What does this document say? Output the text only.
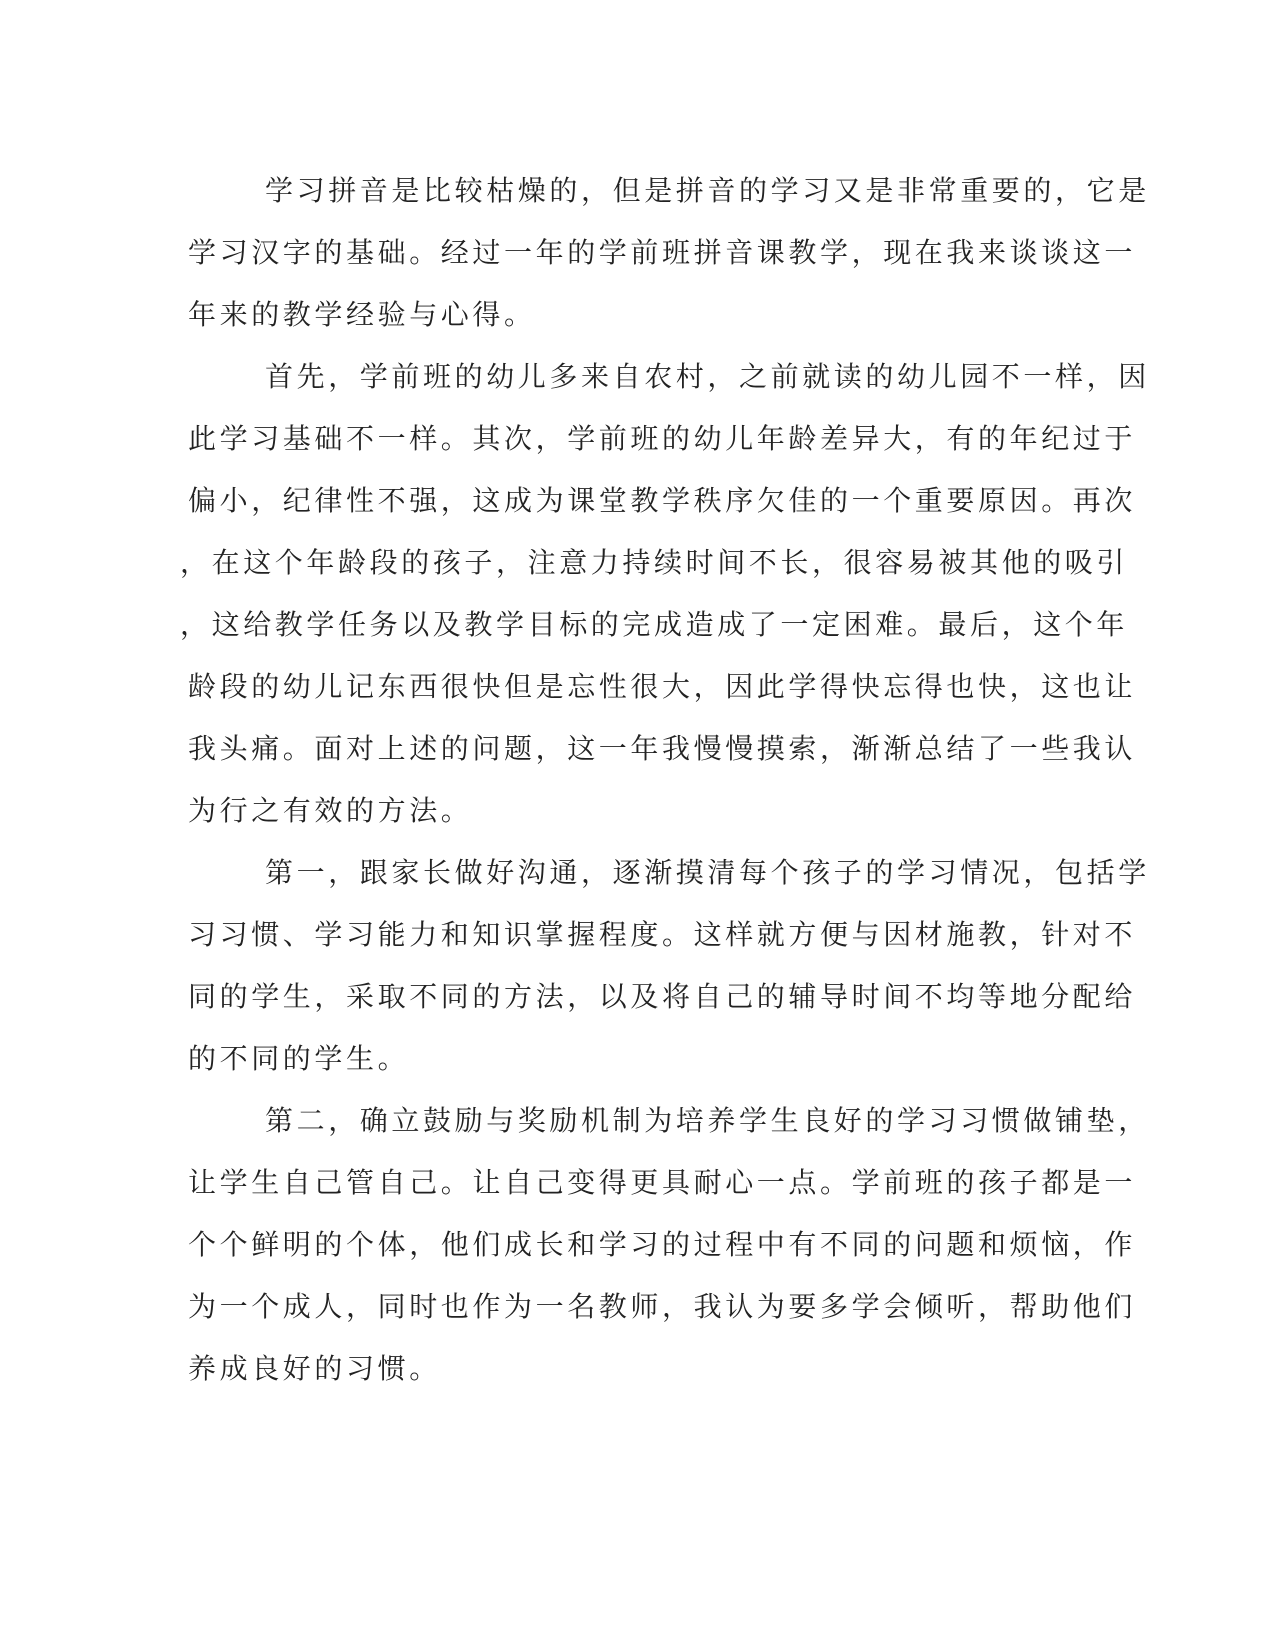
学习拼音是比较枯燥的，但是拼音的学习又是非常重要的，它是
学习汉字的基础。经过一年的学前班拼音课教学，现在我来谈谈这一
年来的教学经验与心得。
首先，学前班的幼儿多来自农村，之前就读的幼儿园不一样，因
此学习基础不一样。其次，学前班的幼儿年龄差异大，有的年纪过于
偏小，纪律性不强，这成为课堂教学秩序欠佳的一个重要原因。再次
，在这个年龄段的孩子，注意力持续时间不长，很容易被其他的吸引
，这给教学任务以及教学目标的完成造成了一定困难。最后，这个年
龄段的幼儿记东西很快但是忘性很大，因此学得快忘得也快，这也让
我头痛。面对上述的问题，这一年我慢慢摸索，渐渐总结了一些我认
为行之有效的方法。
第一，跟家长做好沟通，逐渐摸清每个孩子的学习情况，包括学
习习惯、学习能力和知识掌握程度。这样就方便与因材施教，针对不
同的学生，采取不同的方法，以及将自己的辅导时间不均等地分配给
的不同的学生。
第二，确立鼓励与奖励机制为培养学生良好的学习习惯做铺垫，
让学生自己管自己。让自己变得更具耐心一点。学前班的孩子都是一
个个鲜明的个体，他们成长和学习的过程中有不同的问题和烦恼，作
为一个成人，同时也作为一名教师，我认为要多学会倾听，帮助他们
养成良好的习惯。
